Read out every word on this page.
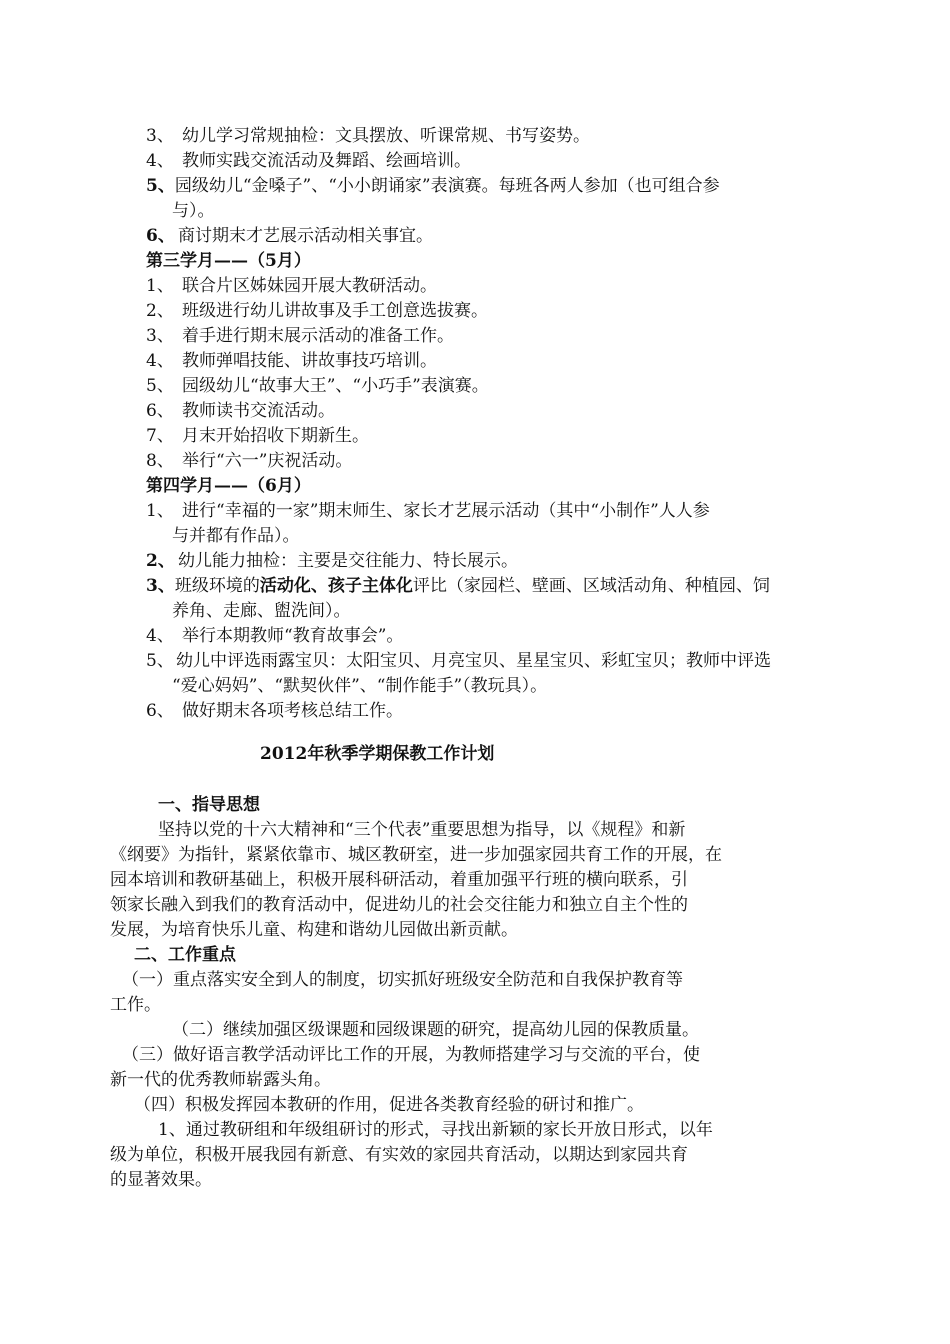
3、 幼儿学习常规抽检：文具摆放、听课常规、书写姿势。
4、 教师实践交流活动及舞蹈、绘画培训。
5、园级幼儿“金嗓子”、“小小朗诵家”表演赛。每班各两人参加（也可组合参
与）。
6、 商讨期末才艺展示活动相关事宜。
第三学月——（5月）
1、 联合片区姊妹园开展大教研活动。
2、 班级进行幼儿讲故事及手工创意选拔赛。
3、 着手进行期末展示活动的准备工作。
4、 教师弹唱技能、讲故事技巧培训。
5、 园级幼儿“故事大王”、“小巧手”表演赛。
6、 教师读书交流活动。
7、 月末开始招收下期新生。
8、 举行“六一”庆祝活动。
第四学月——（6月）
1、 进行“幸福的一家”期末师生、家长才艺展示活动（其中“小制作”人人参
与并都有作品）。
2、 幼儿能力抽检：主要是交往能力、特长展示。
3、班级环境的活动化、孩子主体化评比（家园栏、壁画、区域活动角、种植园、饲
养角、走廊、盥洗间）。
4、 举行本期教师“教育故事会”。
5、 幼儿中评选雨露宝贝：太阳宝贝、月亮宝贝、星星宝贝、彩虹宝贝；教师中评选
“爱心妈妈”、“默契伙伴”、“制作能手”（教玩具）。
6、 做好期末各项考核总结工作。
2012年秋季学期保教工作计划
一、指导思想
坚持以党的十六大精神和“三个代表”重要思想为指导，以《规程》和新
《纲要》为指针，紧紧依靠市、城区教研室，进一步加强家园共育工作的开展，在
园本培训和教研基础上，积极开展科研活动，着重加强平行班的横向联系，引
领家长融入到我们的教育活动中，促进幼儿的社会交往能力和独立自主个性的
发展，为培育快乐儿童、构建和谐幼儿园做出新贡献。
二、工作重点
（一）重点落实安全到人的制度，切实抓好班级安全防范和自我保护教育等
工作。
（二）继续加强区级课题和园级课题的研究，提高幼儿园的保教质量。
（三）做好语言教学活动评比工作的开展，为教师搭建学习与交流的平台，使
新一代的优秀教师崭露头角。
（四）积极发挥园本教研的作用，促进各类教育经验的研讨和推广。
1、通过教研组和年级组研讨的形式，寻找出新颖的家长开放日形式，以年
级为单位，积极开展我园有新意、有实效的家园共育活动，以期达到家园共育
的显著效果。
